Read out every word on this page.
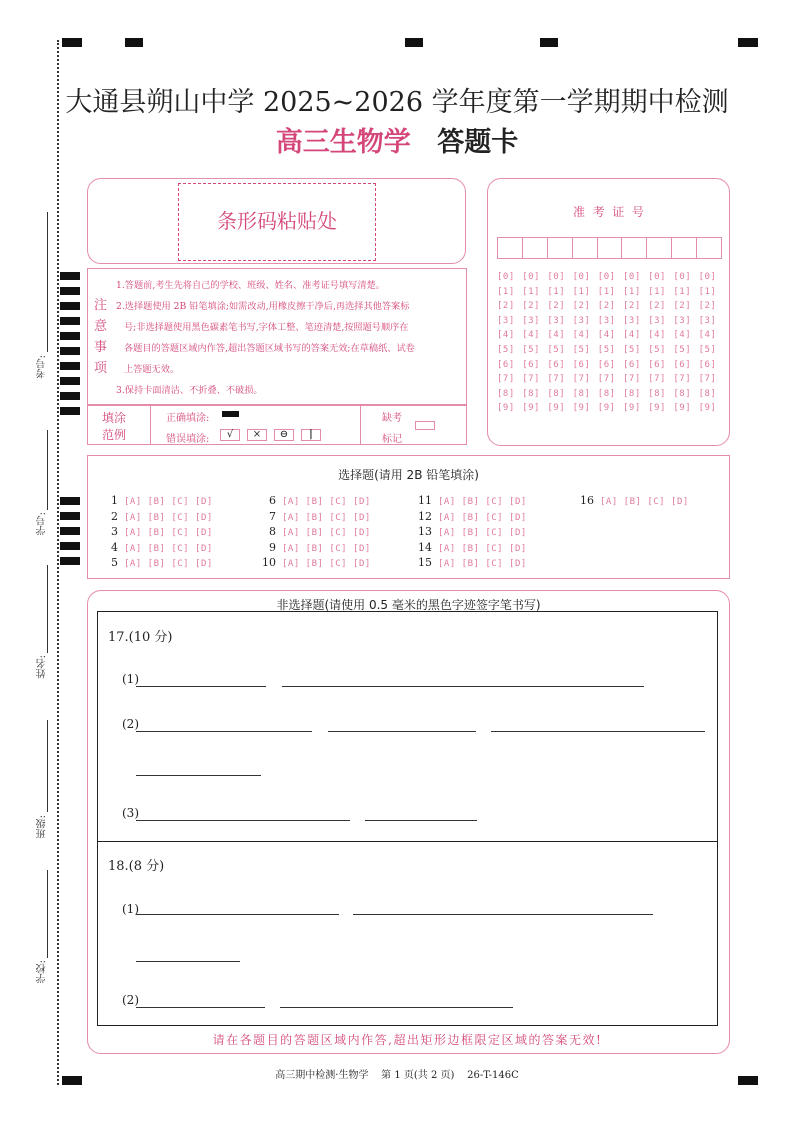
考号:
学号:
姓名:
班级:
学校:
大通县朔山中学 2025~2026 学年度第一学期期中检测
高三生物学 答题卡
条形码粘贴处	准  考  证  号
[0] [0] [0] [0] [0] [0] [0] [0] [0]
[1] [1] [1] [1] [1] [1] [1] [1] [1]
[2] [2] [2] [2] [2] [2] [2] [2] [2]
[3] [3] [3] [3] [3] [3] [3] [3] [3]
[4] [4] [4] [4] [4] [4] [4] [4] [4]
[5] [5] [5] [5] [5] [5] [5] [5] [5]
[6] [6] [6] [6] [6] [6] [6] [6] [6]
[7] [7] [7] [7] [7] [7] [7] [7] [7]
[8] [8] [8] [8] [8] [8] [8] [8] [8]
[9] [9] [9] [9] [9] [9] [9] [9] [9]
注
意
事
项
1.答题前,考生先将自己的学校、班级、姓名、准考证号填写清楚。
2.选择题使用 2B 铅笔填涂;如需改动,用橡皮擦干净后,再选择其他答案标
号;非选择题使用黑色碳素笔书写,字体工整、笔迹清楚,按照题号顺序在
各题目的答题区域内作答,超出答题区域书写的答案无效;在草稿纸、试卷
上答题无效。
3.保持卡面清洁、不折叠、不破损。
填涂
范例
正确填涂:
错误填涂:	√	×	⊖	|
缺考
标记
选择题(请用 2B 铅笔填涂)
1 [A] [B] [C] [D]
2 [A] [B] [C] [D]
3 [A] [B] [C] [D]
4 [A] [B] [C] [D]
5 [A] [B] [C] [D]
6 [A] [B] [C] [D]
7 [A] [B] [C] [D]
8 [A] [B] [C] [D]
9 [A] [B] [C] [D]
10 [A] [B] [C] [D]
11 [A] [B] [C] [D]
12 [A] [B] [C] [D]
13 [A] [B] [C] [D]
14 [A] [B] [C] [D]
15 [A] [B] [C] [D]
16 [A] [B] [C] [D]
非选择题(请使用 0.5 毫米的黑色字迹签字笔书写)
17.(10 分)
(1)
(2)
(3)
18.(8 分)
(1)
(2)
请在各题目的答题区域内作答,超出矩形边框限定区域的答案无效!
高三期中检测·生物学    第 1 页(共 2 页)    26-T-146C
